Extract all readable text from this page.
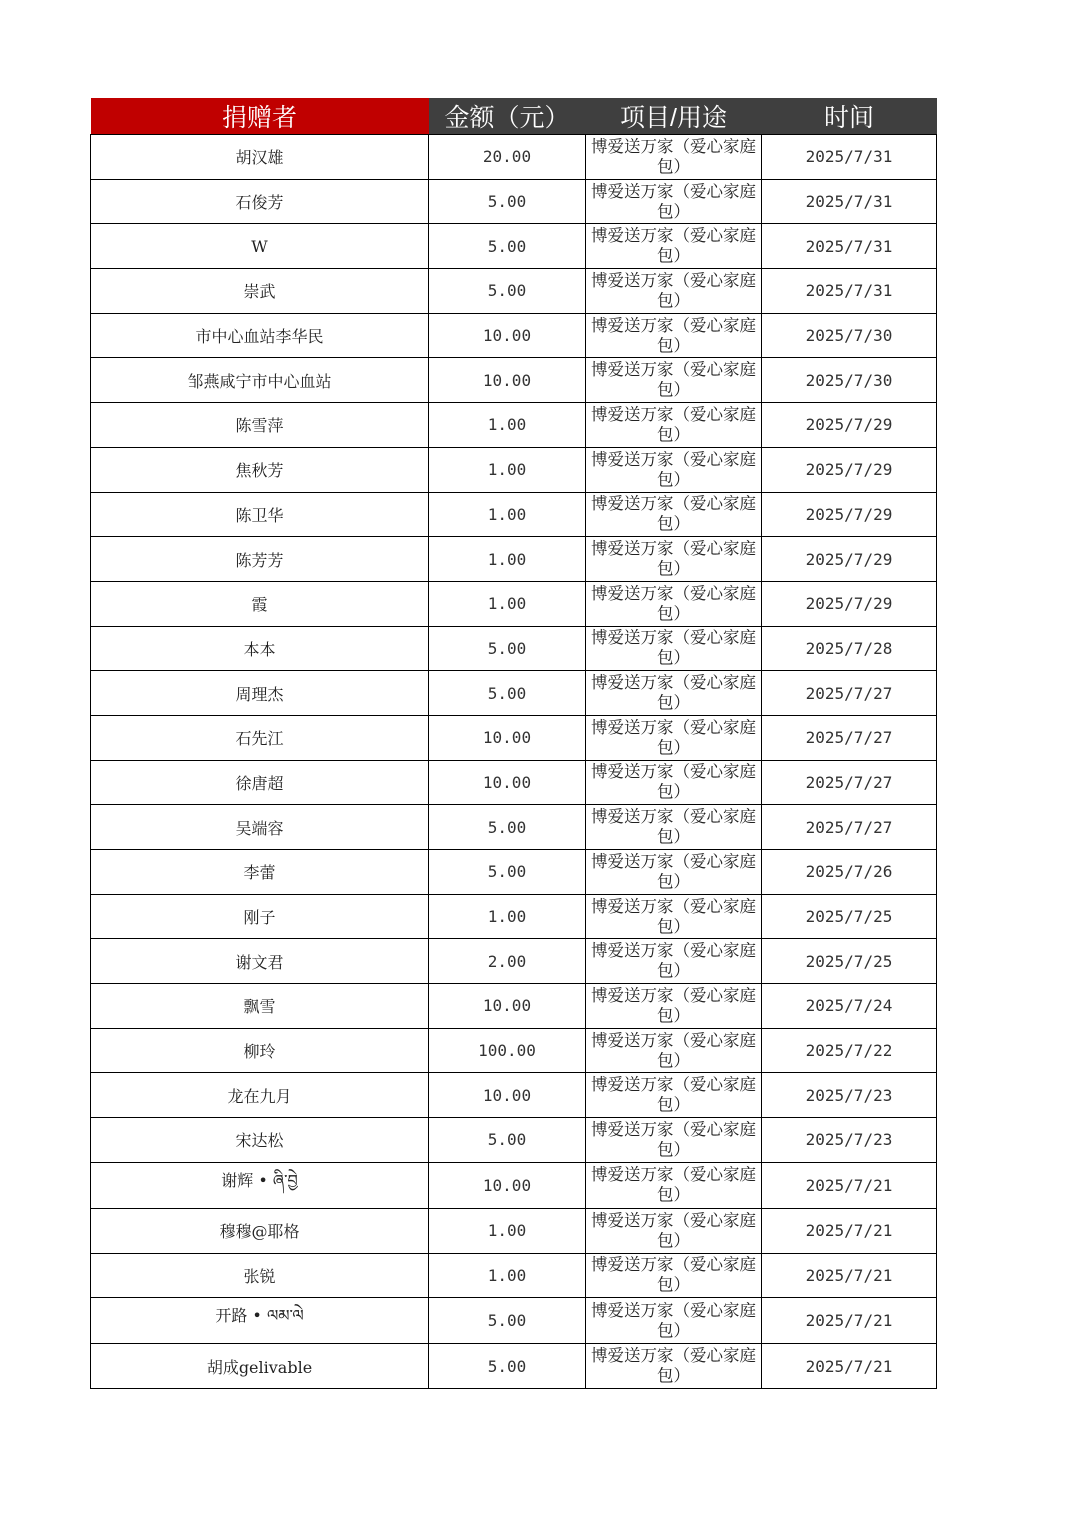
捐赠者	金额（元）	项目/用途	时间
胡汉雄	20.00	博爱送万家（爱心家庭包）	2025/7/31
石俊芳	5.00	博爱送万家（爱心家庭包）	2025/7/31
W	5.00	博爱送万家（爱心家庭包）	2025/7/31
崇武	5.00	博爱送万家（爱心家庭包）	2025/7/31
市中心血站李华民	10.00	博爱送万家（爱心家庭包）	2025/7/30
邹燕咸宁市中心血站	10.00	博爱送万家（爱心家庭包）	2025/7/30
陈雪萍	1.00	博爱送万家（爱心家庭包）	2025/7/29
焦秋芳	1.00	博爱送万家（爱心家庭包）	2025/7/29
陈卫华	1.00	博爱送万家（爱心家庭包）	2025/7/29
陈芳芳	1.00	博爱送万家（爱心家庭包）	2025/7/29
霞	1.00	博爱送万家（爱心家庭包）	2025/7/29
本本	5.00	博爱送万家（爱心家庭包）	2025/7/28
周理杰	5.00	博爱送万家（爱心家庭包）	2025/7/27
石先江	10.00	博爱送万家（爱心家庭包）	2025/7/27
徐唐超	10.00	博爱送万家（爱心家庭包）	2025/7/27
吴端容	5.00	博爱送万家（爱心家庭包）	2025/7/27
李蕾	5.00	博爱送万家（爱心家庭包）	2025/7/26
刚子	1.00	博爱送万家（爱心家庭包）	2025/7/25
谢文君	2.00	博爱送万家（爱心家庭包）	2025/7/25
飘雪	10.00	博爱送万家（爱心家庭包）	2025/7/24
柳玲	100.00	博爱送万家（爱心家庭包）	2025/7/22
龙在九月	10.00	博爱送万家（爱心家庭包）	2025/7/23
宋达松	5.00	博爱送万家（爱心家庭包）	2025/7/23
谢辉 • ཞི་བྱེ	10.00	博爱送万家（爱心家庭包）	2025/7/21
穆穆@耶格	1.00	博爱送万家（爱心家庭包）	2025/7/21
张锐	1.00	博爱送万家（爱心家庭包）	2025/7/21
开路 • ལམ་ལེ	5.00	博爱送万家（爱心家庭包）	2025/7/21
胡成gelivable	5.00	博爱送万家（爱心家庭包）	2025/7/21
